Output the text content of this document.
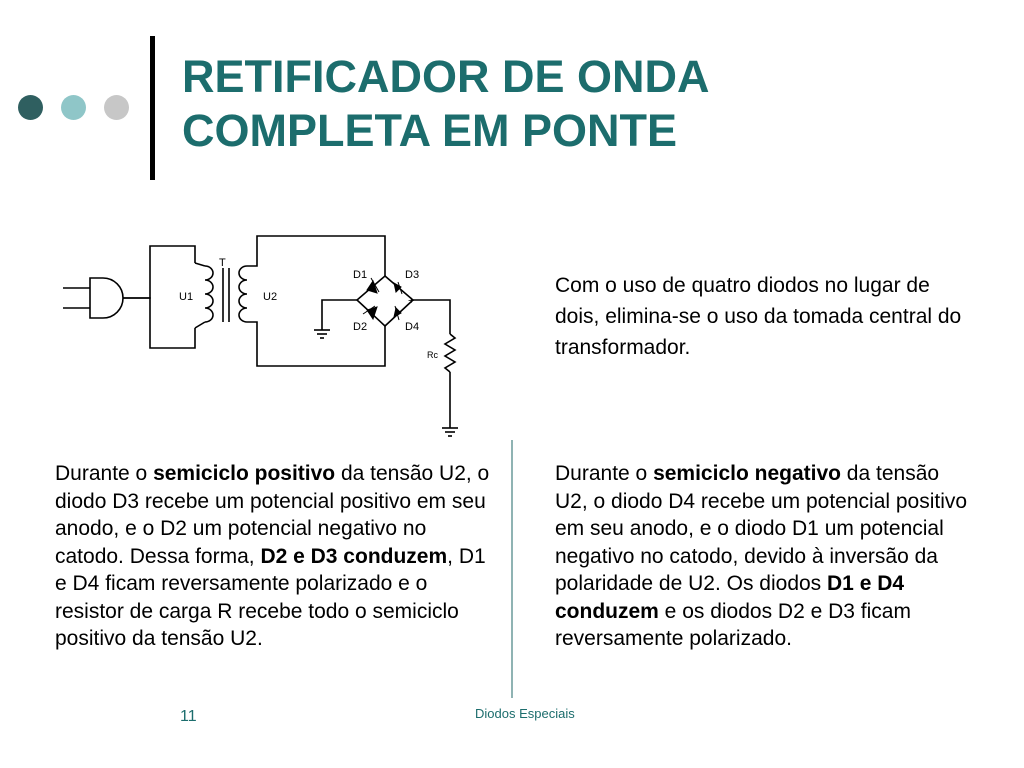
RETIFICADOR DE ONDA
COMPLETA EM PONTE
T
U1	U2
D1	D3
D2	D4
+
Rc
Com o uso de quatro diodos no lugar de dois, elimina-se o uso da tomada central do transformador.
Durante o semiciclo positivo da tensão U2, o diodo D3 recebe um potencial positivo em seu anodo, e o D2 um potencial negativo no catodo. Dessa forma, D2 e D3 conduzem, D1 e D4 ficam reversamente polarizado e o resistor de carga R recebe todo o semiciclo positivo da tensão U2.
Durante o semiciclo negativo da tensão U2, o diodo D4 recebe um potencial positivo em seu anodo, e o diodo D1 um potencial negativo no catodo, devido à inversão da polaridade de U2. Os diodos D1 e D4 conduzem e os diodos D2 e D3 ficam reversamente polarizado.
11	Diodos Especiais
